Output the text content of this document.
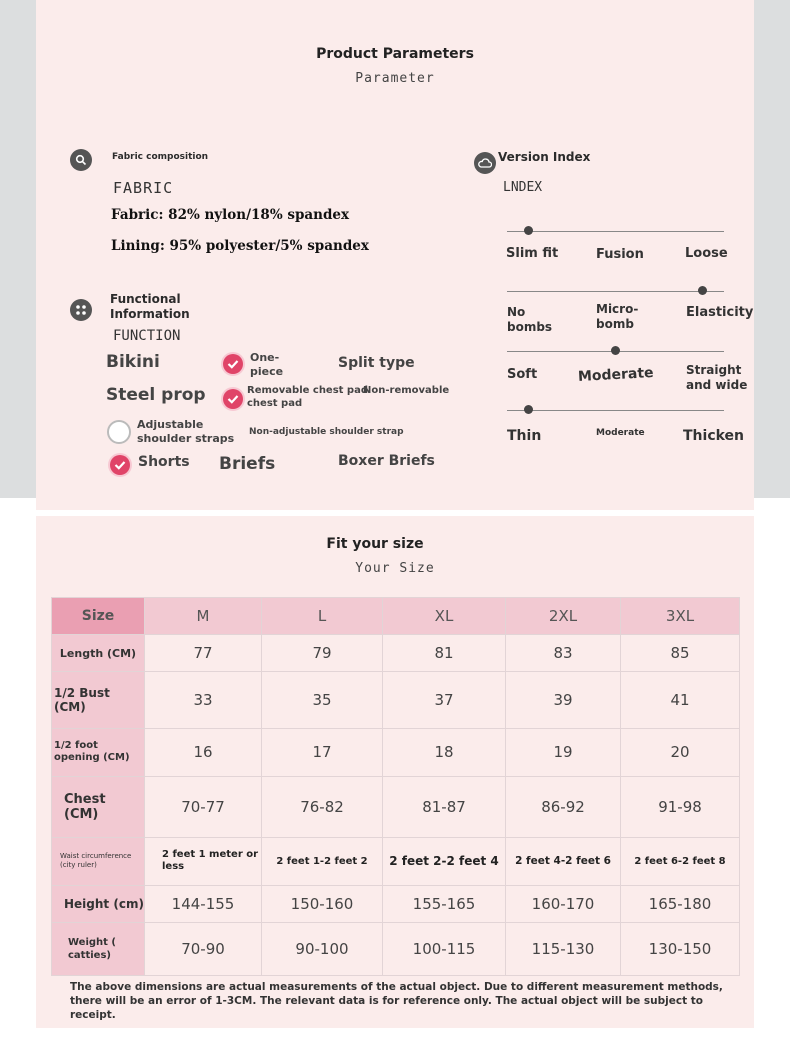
Product Parameters
Parameter
Fabric composition
FABRIC
Fabric: 82% nylon/18% spandex
Lining: 95% polyester/5% spandex
Version Index
LNDEX
Functional
Information
FUNCTION
Bikini	One-
piece
Split type
Steel prop	Removable chest pad
Non-removable
chest pad
Adjustable
shoulder straps Non-adjustable shoulder strap
Shorts Briefs	Boxer Briefs
Slim fit	Fusion	Loose
No
bombs
Micro-
bomb
Elasticity
Soft	Moderate	Straight
and wide
Thin	Moderate	Thicken
Fit your size
Your Size
Size	M	L	XL	2XL	3XL
Length (CM)	77	79	81	83	85
1/2 Bust (CM)	33	35	37	39	41
1/2 foot opening (CM)	16	17	18	19	20
Chest (CM)	70-77	76-82	81-87	86-92	91-98
Waist circumference (city ruler)	2 feet 1 meter or less	2 feet 1-2 feet 2	2 feet 2-2 feet 4	2 feet 4-2 feet 6	2 feet 6-2 feet 8
Height (cm)	144-155	150-160	155-165	160-170	165-180
Weight ( catties)	70-90	90-100	100-115	115-130	130-150
The above dimensions are actual measurements of the actual object. Due to different measurement methods, there will be an error of 1-3CM. The relevant data is for reference only. The actual object will be subject to receipt.
